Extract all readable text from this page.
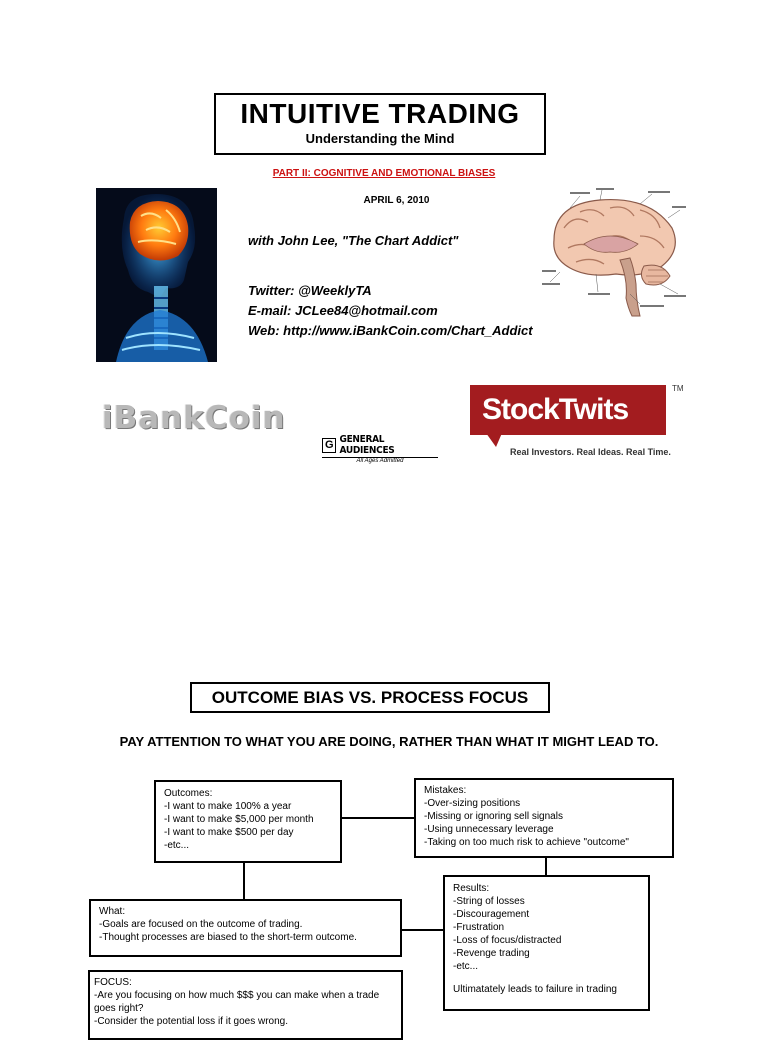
INTUITIVE TRADING
Understanding the Mind
PART II: COGNITIVE AND EMOTIONAL BIASES
APRIL 6, 2010
with John Lee, "The Chart Addict"
Twitter: @WeeklyTA
E-mail: JCLee84@hotmail.com
Web: http://www.iBankCoin.com/Chart_Addict
iBankCoin
G GENERAL AUDIENCES
All Ages Admitted
StockTwits
Real Investors. Real Ideas. Real Time.
TM
OUTCOME BIAS VS. PROCESS FOCUS
PAY ATTENTION TO WHAT YOU ARE DOING, RATHER THAN WHAT IT MIGHT LEAD TO.
Outcomes:
-I want to make 100% a year
-I want to make $5,000 per month
-I want to make $500 per day
-etc...
Mistakes:
-Over-sizing positions
-Missing or ignoring sell signals
-Using unnecessary leverage
-Taking on too much risk to achieve "outcome"
What:
-Goals are focused on the outcome of trading.
-Thought processes are biased to the short-term outcome.
Results:
-String of losses
-Discouragement
-Frustration
-Loss of focus/distracted
-Revenge trading
-etc...
Ultimatately leads to failure in trading
FOCUS:
-Are you focusing on how much $$$ you can make when a trade goes right?
-Consider the potential loss if it goes wrong.
